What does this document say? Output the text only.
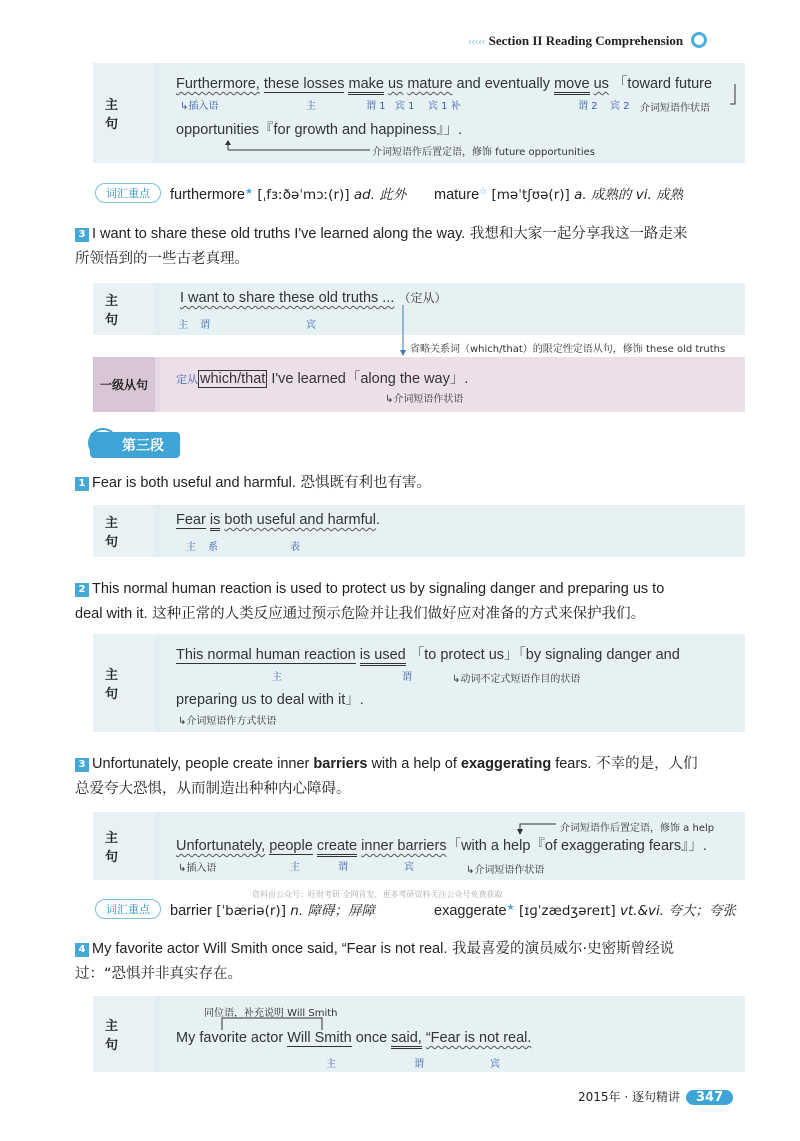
‹‹‹‹‹ Section II Reading Comprehension
主 句
Furthermore, these losses make us mature and eventually move us 「toward future
↳插入语	主	谓 1 宾 1 宾 1 补	谓 2 宾 2 介词短语作状语
opportunities『for growth and happiness』」.
介词短语作后置定语，修饰 future opportunities
词汇重点	furthermore★ [ˌfɜːðəˈmɔː(r)] ad. 此外 mature☆ [məˈtʃʊə(r)] a. 成熟的 vi. 成熟
3 I want to share these old truths I've learned along the way. 我想和大家一起分享我这一路走来
所领悟到的一些古老真理。
主 句
I want to share these old truths ... （定从）
主 谓	宾
省略关系词（which/that）的限定性定语从句，修饰 these old truths
一级从句	定从 which/that I've learned「along the way」.
↳介词短语作状语
第三段
1 Fear is both useful and harmful. 恐惧既有利也有害。
主 句
Fear is both useful and harmful.
主 系	表
2 This normal human reaction is used to protect us by signaling danger and preparing us to
deal with it. 这种正常的人类反应通过预示危险并让我们做好应对准备的方式来保护我们。
主 句
This normal human reaction is used 「to protect us」「by signaling danger and
主	谓	↳动词不定式短语作目的状语
preparing us to deal with it」.
↳介词短语作方式状语
3 Unfortunately, people create inner barriers with a help of exaggerating fears. 不幸的是，人们
总爱夸大恐惧，从而制造出种种内心障碍。
主 句
介词短语作后置定语，修饰 a help
Unfortunately, people create inner barriers「with a help『of exaggerating fears』」.
↳插入语	主	谓	宾	↳介词短语作状语
资料由公众号：旺财考研 全网首发，更多考研资料关注公众号免费获取
词汇重点	barrier [ˈbæriə(r)] n. 障碍；屏障	exaggerate★ [ɪɡˈzædʒəreɪt] vt.&vi. 夸大；夸张
4 My favorite actor Will Smith once said, “Fear is not real. 我最喜爱的演员威尔·史密斯曾经说
过：“恐惧并非真实存在。
主 句
同位语，补充说明 Will Smith
My favorite actor Will Smith once said, “Fear is not real.
主	谓	宾
2015年 · 逐句精讲 347
